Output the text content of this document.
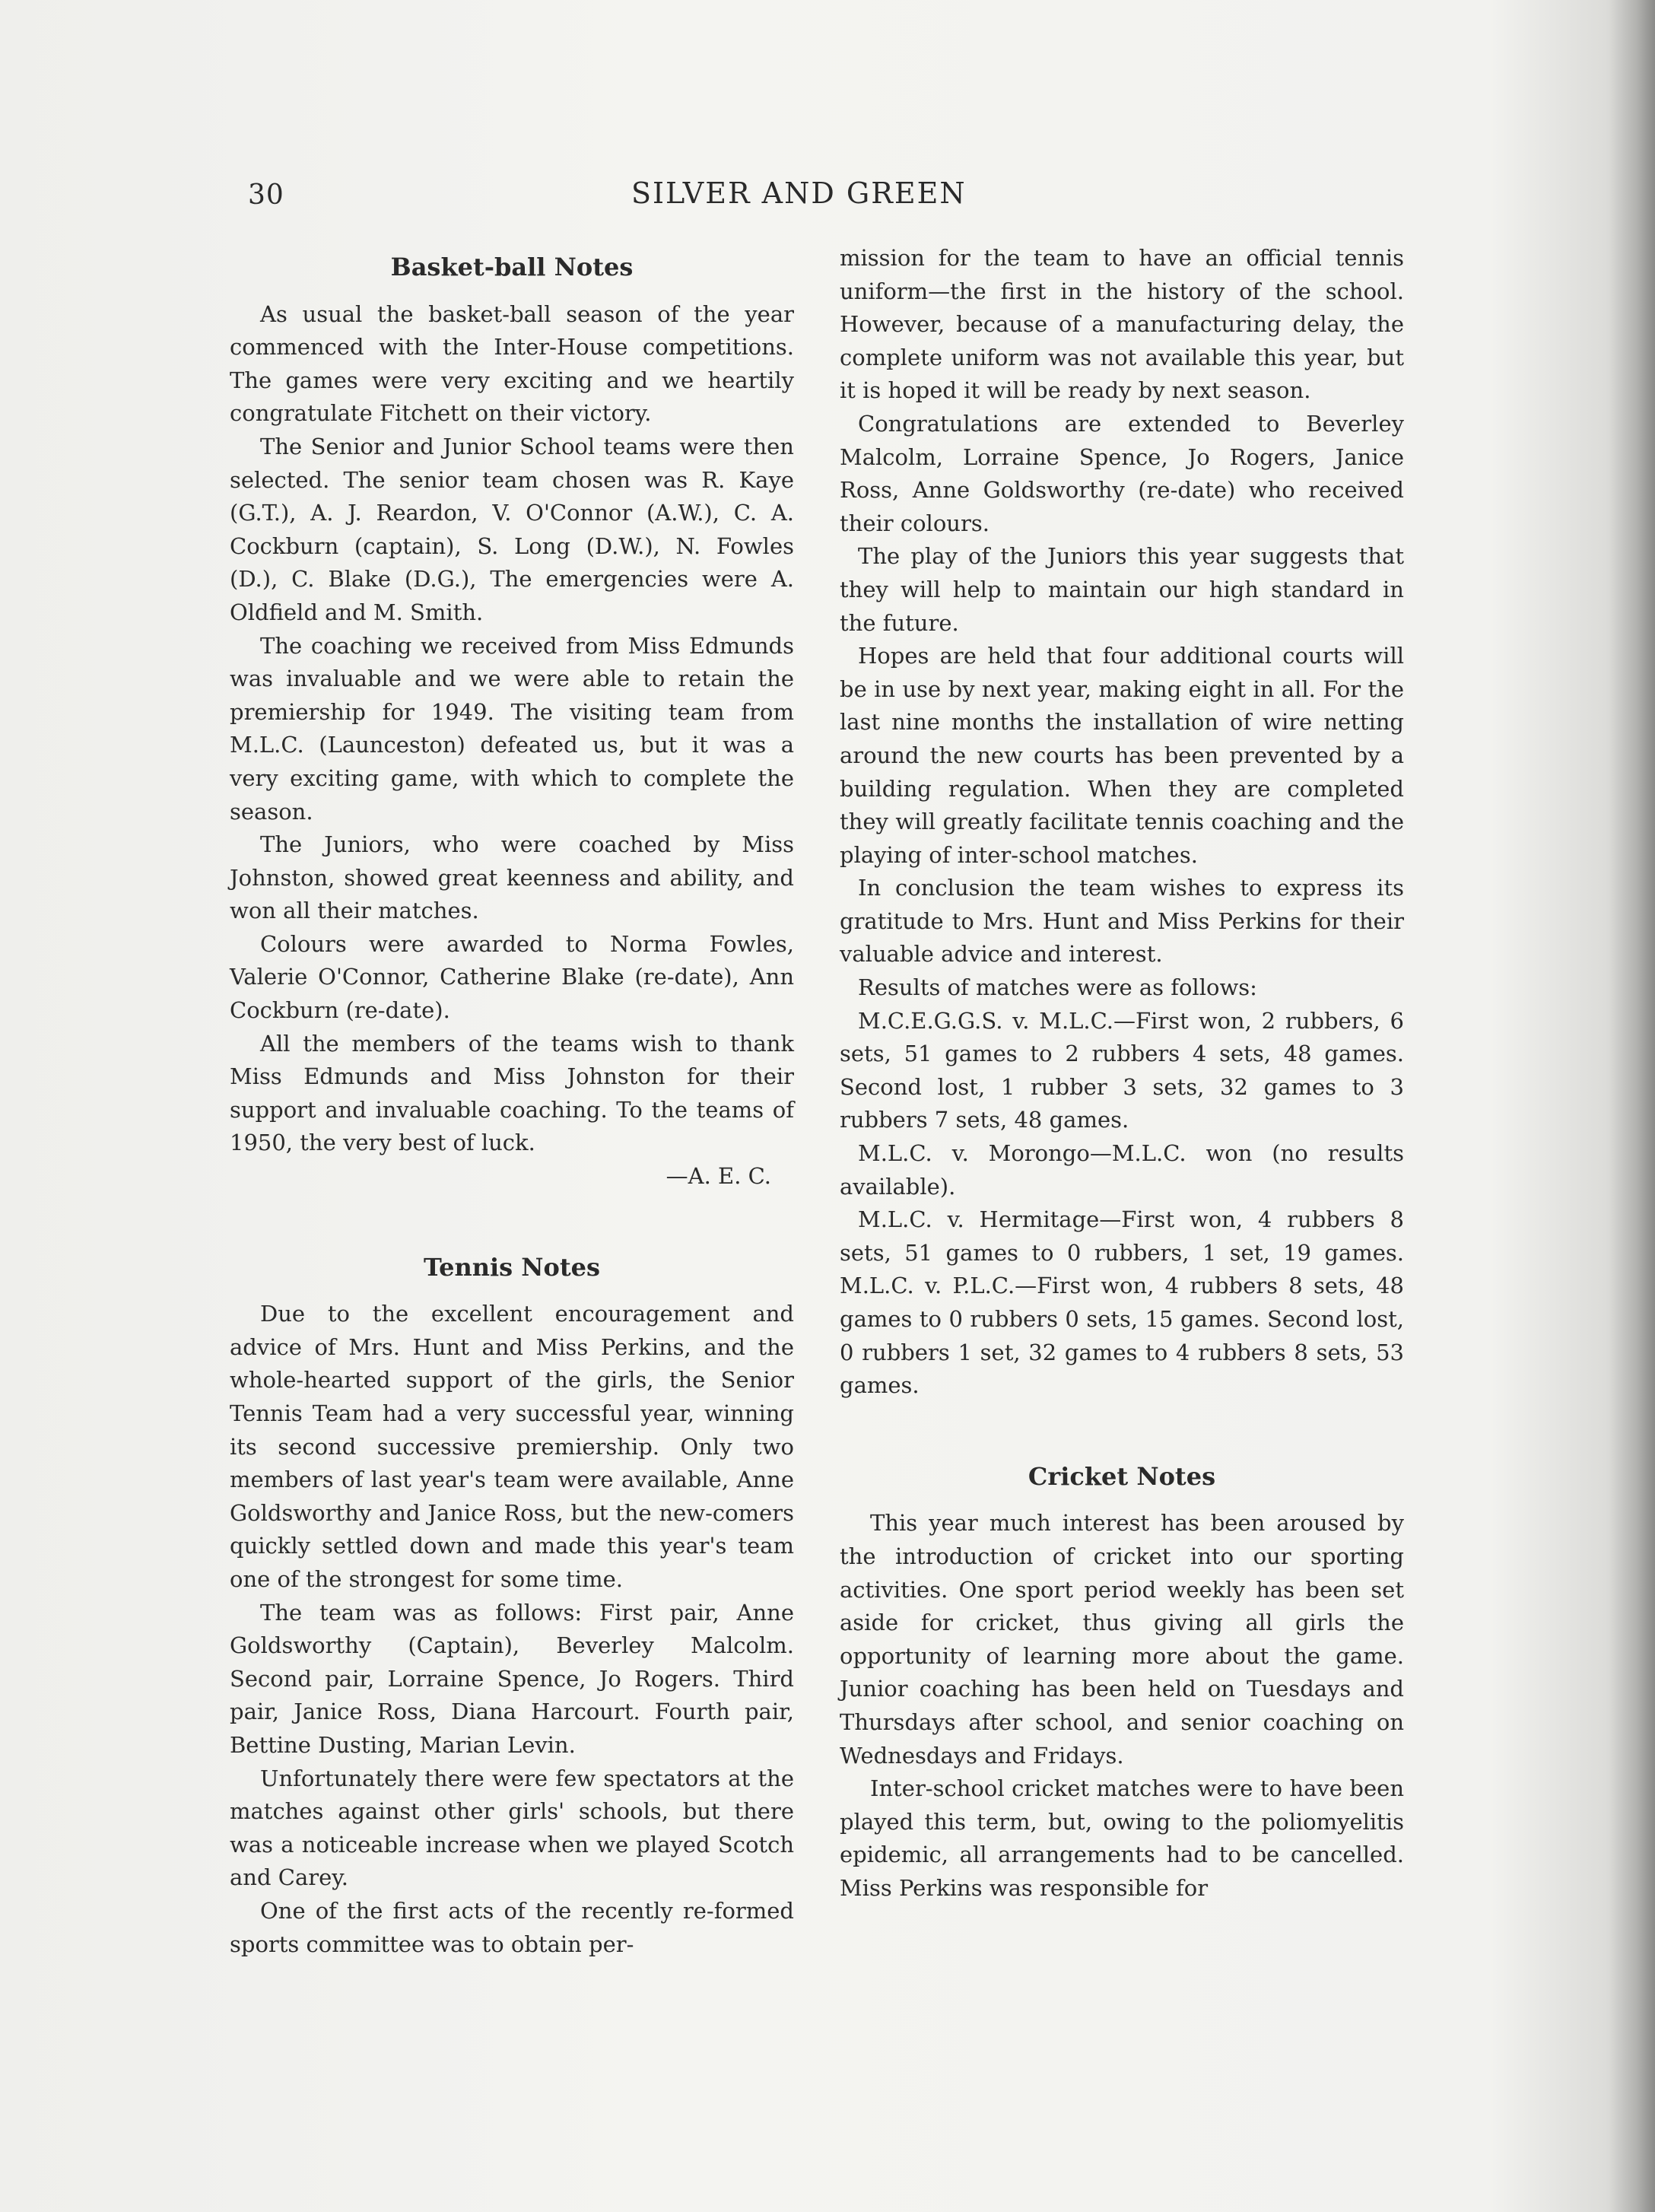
30	SILVER AND GREEN
Basket-ball Notes

As usual the basket-ball season of the year commenced with the Inter-House competitions. The games were very exciting and we heartily congratulate Fitchett on their victory.

The Senior and Junior School teams were then selected. The senior team chosen was R. Kaye (G.T.), A. J. Reardon, V. O'Connor (A.W.), C. A. Cockburn (captain), S. Long (D.W.), N. Fowles (D.), C. Blake (D.G.), The emergencies were A. Oldfield and M. Smith.

The coaching we received from Miss Edmunds was invaluable and we were able to retain the premiership for 1949. The visiting team from M.L.C. (Launceston) defeated us, but it was a very exciting game, with which to complete the season.

The Juniors, who were coached by Miss Johnston, showed great keenness and ability, and won all their matches.

Colours were awarded to Norma Fowles, Valerie O'Connor, Catherine Blake (re-date), Ann Cockburn (re-date).

All the members of the teams wish to thank Miss Edmunds and Miss Johnston for their support and invaluable coaching. To the teams of 1950, the very best of luck.

—A. E. C.

Tennis Notes

Due to the excellent encouragement and advice of Mrs. Hunt and Miss Perkins, and the whole-hearted support of the girls, the Senior Tennis Team had a very successful year, winning its second successive premiership. Only two members of last year's team were available, Anne Goldsworthy and Janice Ross, but the new-comers quickly settled down and made this year's team one of the strongest for some time.

The team was as follows: First pair, Anne Goldsworthy (Captain), Beverley Malcolm. Second pair, Lorraine Spence, Jo Rogers. Third pair, Janice Ross, Diana Harcourt. Fourth pair, Bettine Dusting, Marian Levin.

Unfortunately there were few spectators at the matches against other girls' schools, but there was a noticeable increase when we played Scotch and Carey.

One of the first acts of the recently re-formed sports committee was to obtain per-

mission for the team to have an official tennis uniform—the first in the history of the school. However, because of a manufacturing delay, the complete uniform was not available this year, but it is hoped it will be ready by next season.

Congratulations are extended to Beverley Malcolm, Lorraine Spence, Jo Rogers, Janice Ross, Anne Goldsworthy (re-date) who received their colours.

The play of the Juniors this year suggests that they will help to maintain our high standard in the future.

Hopes are held that four additional courts will be in use by next year, making eight in all. For the last nine months the installation of wire netting around the new courts has been prevented by a building regulation. When they are completed they will greatly facilitate tennis coaching and the playing of inter-school matches.

In conclusion the team wishes to express its gratitude to Mrs. Hunt and Miss Perkins for their valuable advice and interest.

Results of matches were as follows:

M.C.E.G.G.S. v. M.L.C.—First won, 2 rubbers, 6 sets, 51 games to 2 rubbers 4 sets, 48 games. Second lost, 1 rubber 3 sets, 32 games to 3 rubbers 7 sets, 48 games.

M.L.C. v. Morongo—M.L.C. won (no results available).

M.L.C. v. Hermitage—First won, 4 rubbers 8 sets, 51 games to 0 rubbers, 1 set, 19 games. M.L.C. v. P.L.C.—First won, 4 rubbers 8 sets, 48 games to 0 rubbers 0 sets, 15 games. Second lost, 0 rubbers 1 set, 32 games to 4 rubbers 8 sets, 53 games.

Cricket Notes

This year much interest has been aroused by the introduction of cricket into our sporting activities. One sport period weekly has been set aside for cricket, thus giving all girls the opportunity of learning more about the game. Junior coaching has been held on Tuesdays and Thursdays after school, and senior coaching on Wednesdays and Fridays.

Inter-school cricket matches were to have been played this term, but, owing to the poliomyelitis epidemic, all arrangements had to be cancelled. Miss Perkins was responsible for
